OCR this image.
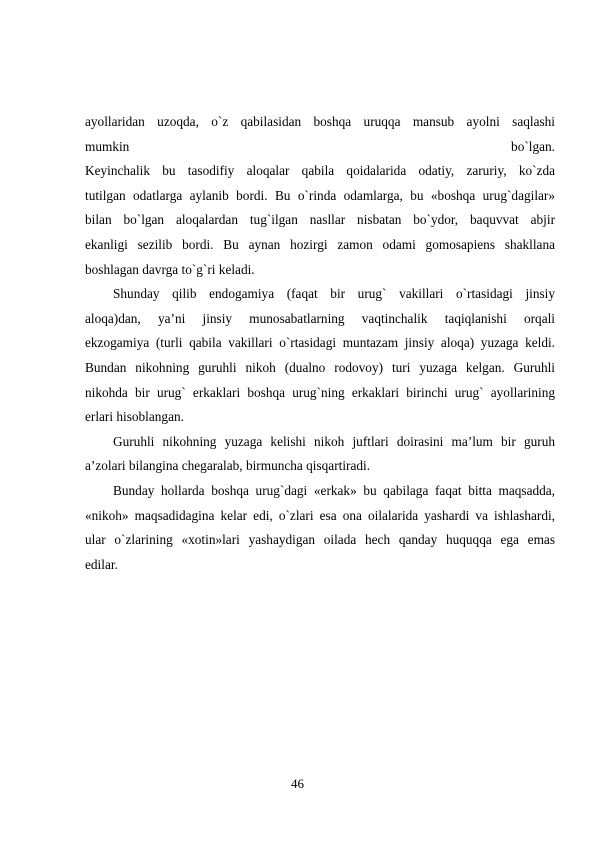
ayollaridan uzoqda, o`z qabilasidan boshqa uruqqa mansub ayolni saqlashi
mumkin bo`lgan.
Keyinchalik bu tasodifiy aloqalar qabila qoidalarida odatiy, zaruriy, ko`zda
tutilgan odatlarga aylanib bordi. Bu o`rinda odamlarga, bu «boshqa urug`dagilar»
bilan bo`lgan aloqalardan tug`ilgan nasllar nisbatan bo`ydor, baquvvat abjir
ekanligi sezilib bordi. Bu aynan hozirgi zamon odami gomosapiens shakllana
boshlagan davrga to`g`ri keladi.
Shunday qilib endogamiya (faqat bir urug` vakillari o`rtasidagi jinsiy
aloqa)dan, ya’ni jinsiy munosabatlarning vaqtinchalik taqiqlanishi orqali
ekzogamiya (turli qabila vakillari o`rtasidagi muntazam jinsiy aloqa) yuzaga keldi.
Bundan nikohning guruhli nikoh (dualno rodovoy) turi yuzaga kelgan. Guruhli
nikohda bir urug` erkaklari boshqa urug`ning erkaklari birinchi urug` ayollarining
erlari hisoblangan.
Guruhli nikohning yuzaga kelishi nikoh juftlari doirasini ma’lum bir guruh
a’zolari bilangina chegaralab, birmuncha qisqartiradi.
Bunday hollarda boshqa urug`dagi «erkak» bu qabilaga faqat bitta maqsadda,
«nikoh» maqsadidagina kelar edi, o`zlari esa ona oilalarida yashardi va ishlashardi,
ular o`zlarining «xotin»lari yashaydigan oilada hech qanday huquqqa ega emas
edilar.
46
